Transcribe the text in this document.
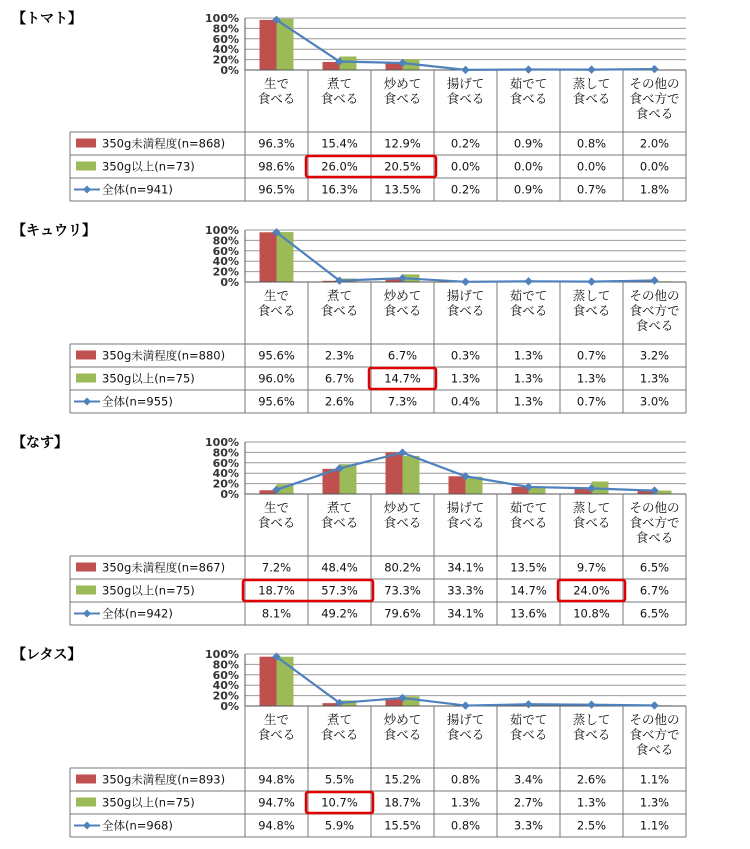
【トマト】	100%
80%
60%
40%
20%
0%
生で
食べる
煮て
食べる
炒めて
食べる
揚げて
食べる
茹でて
食べる
蒸して
食べる
その他の
食べ方で
食べる
350g未満程度(n=868)	96.3% 15.4% 12.9%	0.2%	0.9%	0.8%	2.0%
350g以上(n=73)	98.6% 26.0% 20.5%	0.0%	0.0%	0.0%	0.0%
全体(n=941)	96.5% 16.3% 13.5%	0.2%	0.9%	0.7%	1.8%
【キュウリ】	100%
80%
60%
40%
20%
0%
生で
食べる
煮て
食べる
炒めて
食べる
揚げて
食べる
茹でて
食べる
蒸して
食べる
その他の
食べ方で
食べる
350g未満程度(n=880)	95.6%	2.3%	6.7%	0.3%	1.3%	0.7%	3.2%
350g以上(n=75)	96.0%	6.7%	14.7%	1.3%	1.3%	1.3%	1.3%
全体(n=955)	95.6%	2.6%	7.3%	0.4%	1.3%	0.7%	3.0%
【なす】	100%
80%
60%
40%
20%
0%
生で
食べる
煮て
食べる
炒めて
食べる
揚げて
食べる
茹でて
食べる
蒸して
食べる
その他の
食べ方で
食べる
350g未満程度(n=867)	7.2%	48.4% 80.2% 34.1% 13.5%	9.7%	6.5%
350g以上(n=75)	18.7% 57.3% 73.3% 33.3% 14.7% 24.0%	6.7%
全体(n=942)	8.1%	49.2% 79.6% 34.1% 13.6% 10.8%	6.5%
【レタス】	100%
80%
60%
40%
20%
0%
生で
食べる
煮て
食べる
炒めて
食べる
揚げて
食べる
茹でて
食べる
蒸して
食べる
その他の
食べ方で
食べる
350g未満程度(n=893)	94.8%	5.5%	15.2%	0.8%	3.4%	2.6%	1.1%
350g以上(n=75)	94.7% 10.7% 18.7%	1.3%	2.7%	1.3%	1.3%
全体(n=968)	94.8%	5.9%	15.5%	0.8%	3.3%	2.5%	1.1%
